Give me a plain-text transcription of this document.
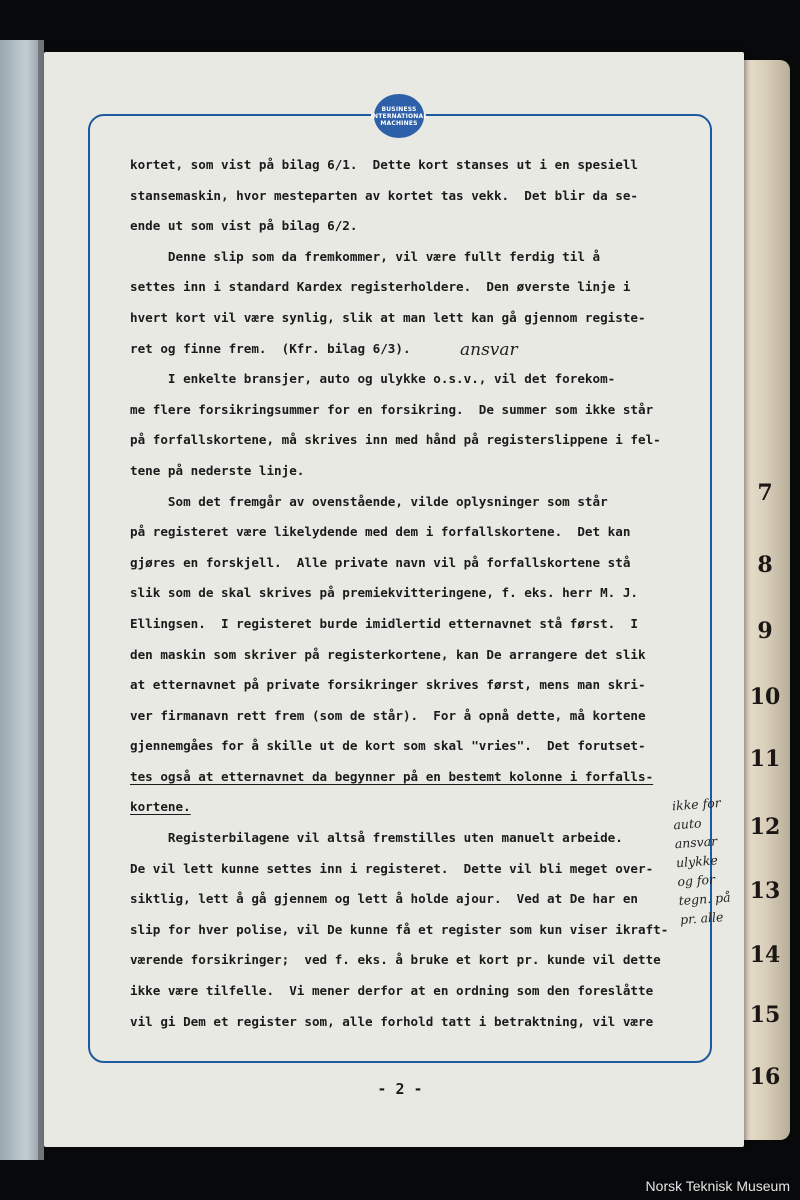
7
8
9
10
11
12
13
14
15
16
BUSINESS
INTERNATIONAL
MACHINES
kortet, som vist på bilag 6/1.  Dette kort stanses ut i en spesiell
stansemaskin, hvor mesteparten av kortet tas vekk.  Det blir da se-
ende ut som vist på bilag 6/2.
Denne slip som da fremkommer, vil være fullt ferdig til å
settes inn i standard Kardex registerholdere.  Den øverste linje i
hvert kort vil være synlig, slik at man lett kan gå gjennom registe-
ret og finne frem.  (Kfr. bilag 6/3).
I enkelte bransjer, auto og ulykke o.s.v., vil det forekom-
me flere forsikringsummer for en forsikring.  De summer som ikke står
på forfallskortene, må skrives inn med hånd på registerslippene i fel-
tene på nederste linje.
Som det fremgår av ovenstående, vilde oplysninger som står
på registeret være likelydende med dem i forfallskortene.  Det kan
gjøres en forskjell.  Alle private navn vil på forfallskortene stå
slik som de skal skrives på premiekvitteringene, f. eks. herr M. J.
Ellingsen.  I registeret burde imidlertid etternavnet stå først.  I
den maskin som skriver på registerkortene, kan De arrangere det slik
at etternavnet på private forsikringer skrives først, mens man skri-
ver firmanavn rett frem (som de står).  For å opnå dette, må kortene
gjennemgåes for å skille ut de kort som skal "vries".  Det forutset-
tes også at etternavnet da begynner på en bestemt kolonne i forfalls-
kortene.
Registerbilagene vil altså fremstilles uten manuelt arbeide.
De vil lett kunne settes inn i registeret.  Dette vil bli meget over-
siktlig, lett å gå gjennem og lett å holde ajour.  Ved at De har en
slip for hver polise, vil De kunne få et register som kun viser ikraft-
værende forsikringer;  ved f. eks. å bruke et kort pr. kunde vil dette
ikke være tilfelle.  Vi mener derfor at en ordning som den foreslåtte
vil gi Dem et register som, alle forhold tatt i betraktning, vil være
ansvar
ikke for
auto
ansvar
ulykke
og for
tegn. på
pr. alle
- 2 -
Norsk Teknisk Museum
